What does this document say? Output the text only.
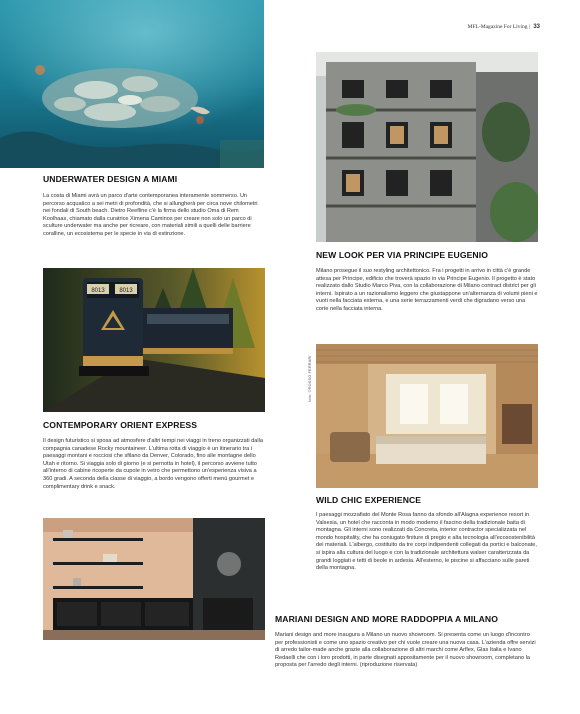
MFL-Magazine For Living | 33
UNDERWATER DESIGN A MIAMI
La costa di Miami avrà un parco d'arte contemporanea interamente sommerso. Un percorso acquatico a sei metri di profondità, che si allungherà per circa nove chilometri nei fondali di South beach. Dietro Reefline c'è la firma dello studio Oma di Rem Koolhaas, chiamato dalla curatrice Ximena Caminos per creare non solo un parco di sculture underwater ma anche per ricreare, con materiali simili a quelli delle barriere coralline, un ecosistema per le specie in via di estinzione.
NEW LOOK PER VIA PRINCIPE EUGENIO
Milano prosegue il suo restyling architettonico. Fra i progetti in arrivo in città c'è grande attesa per Principe, edificio che troverà spazio in via Principe Eugenio. Il progetto è stato realizzato dallo Studio Marco Piva, con la collaborazione di Milano contract district per gli interni. Ispirato a un razionalismo leggero che giustappone un'alternanza di volumi pieni e vuoti nella facciata esterna, e una serie terrazzamenti verdi che digradano verso una corte nella facciata interna.
8013 8013
CONTEMPORARY ORIENT EXPRESS
Il design futuristico si sposa ad atmosfere d'altri tempi nei viaggi in treno organizzati dalla compagnia canadese Rocky mountaineer. L'ultima rotta di viaggio è un itinerario tra i paesaggi montani e rocciosi che sfilano da Denver, Colorado, fino alle montagne dello Utah e ritorno. Si viaggia solo di giorno (e si pernotta in hotel), il percorso avviene tutto all'interno di cabine ricoperte da cupole in vetro che permettono un'esperienza visiva a 360 gradi. A seconda della classe di viaggio, a bordo vengono offerti menù gourmet e complimentary drink e snack.
foto: ©ROSSO FERRARI
WILD CHIC EXPERIENCE
I paesaggi mozzafiato del Monte Rosa fanno da sfondo all'Alagna experience resort in Valsesia, un hotel che racconta in modo moderno il fascino della tradizionale baita di montagna. Gli interni sono realizzati da Concreta, interior contractor specializzata nel mondo hospitality, che ha coniugato finiture di pregio e alta tecnologia all'ecosostenibilità dei materiali. L'albergo, costituito da tre corpi indipendenti collegati da portici e balconate, si ispira alla cultura del luogo e con la tradizionale architettura walser caratterizzata da grandi loggiati e tetti di beole in ardesia. All'esterno, le piscine si affacciano sulle pareti della montagna.
MARIANI DESIGN AND MORE RADDOPPIA A MILANO
Mariani design and more inaugura a Milano un nuovo showroom. Si presenta come un luogo d'incontro per professionisti e come uno spazio creativo per chi vuole creare una nuova casa. L'azienda offre servizi di arredo tailor-made anche grazie alla collaborazione di altri marchi come Arflex, Glas Italia e Ivano Redaelli che con i loro prodotti, in parte disegnati appositamente per il nuovo showroom, completano la proposta per l'arredo degli interni. (riproduzione riservata)
